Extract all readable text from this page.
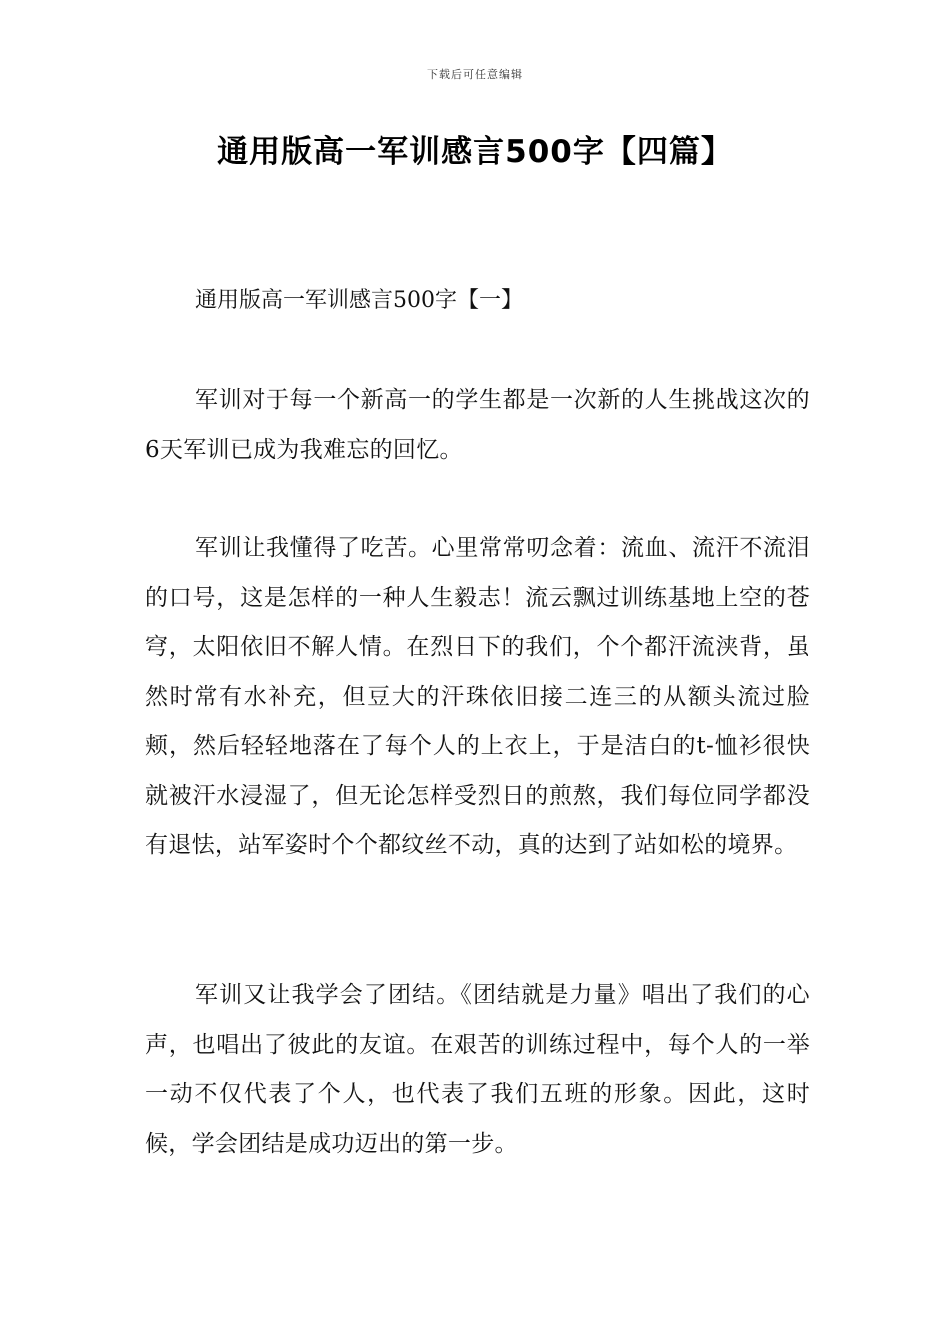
下载后可任意编辑
通用版高一军训感言500字【四篇】
通用版高一军训感言500字【一】

军训对于每一个新高一的学生都是一次新的人生挑战这次的6天军训已成为我难忘的回忆。

军训让我懂得了吃苦。心里常常叨念着：流血、流汗不流泪的口号，这是怎样的一种人生毅志！流云飘过训练基地上空的苍穹，太阳依旧不解人情。在烈日下的我们，个个都汗流浃背，虽然时常有水补充，但豆大的汗珠依旧接二连三的从额头流过脸颊，然后轻轻地落在了每个人的上衣上，于是洁白的t-恤衫很快就被汗水浸湿了，但无论怎样受烈日的煎熬，我们每位同学都没有退怯，站军姿时个个都纹丝不动，真的达到了站如松的境界。

军训又让我学会了团结。《团结就是力量》唱出了我们的心声，也唱出了彼此的友谊。在艰苦的训练过程中，每个人的一举一动不仅代表了个人，也代表了我们五班的形象。因此，这时候，学会团结是成功迈出的第一步。
